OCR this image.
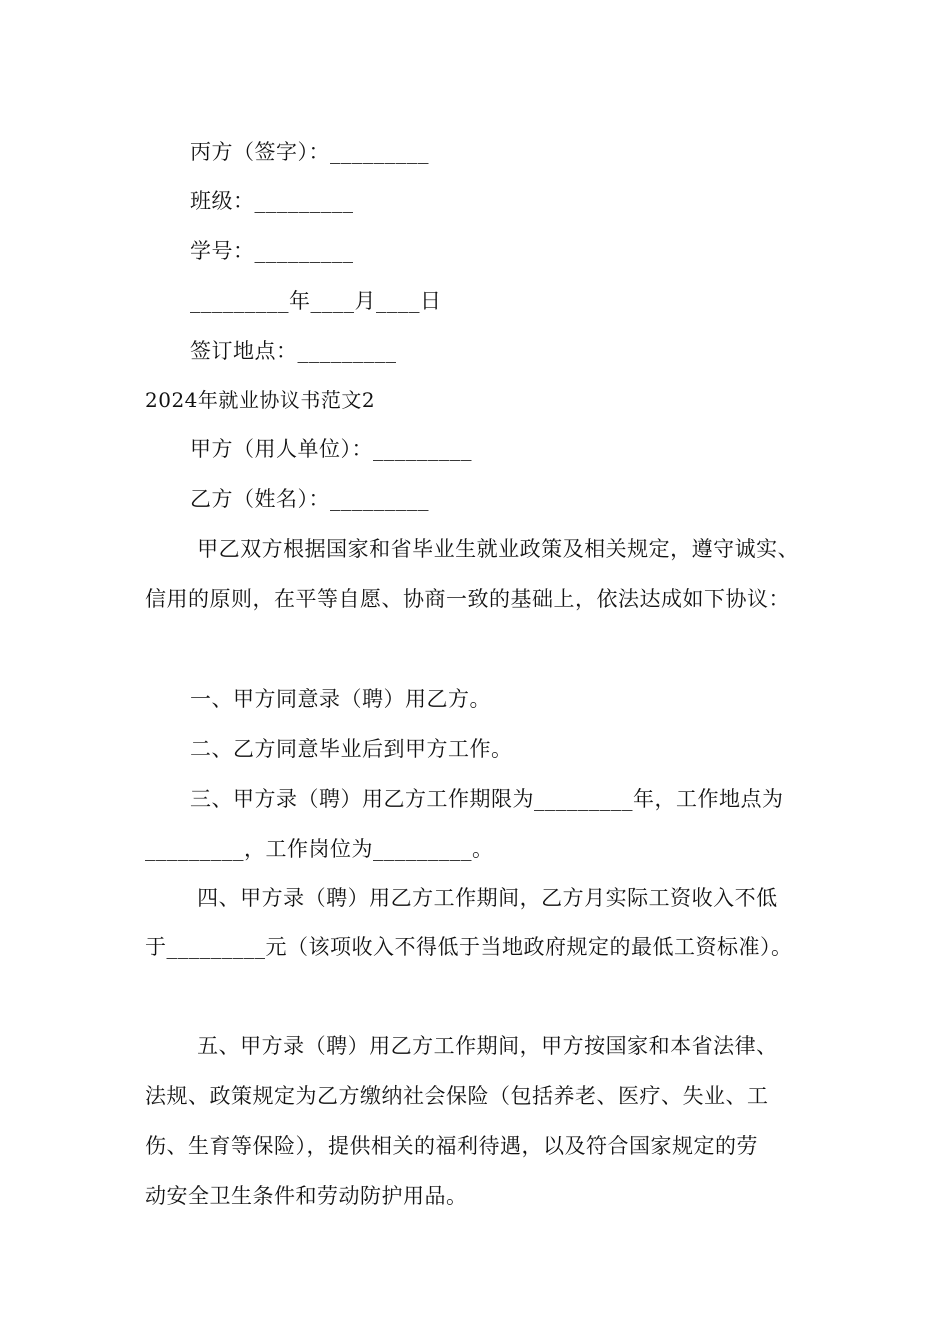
丙方（签字）：_________
班级：_________
学号：_________
_________年____月____日
签订地点：_________
2024年就业协议书范文2
甲方（用人单位）：_________
乙方（姓名）：_________
甲乙双方根据国家和省毕业生就业政策及相关规定，遵守诚实、
信用的原则，在平等自愿、协商一致的基础上，依法达成如下协议：
一、甲方同意录（聘）用乙方。
二、乙方同意毕业后到甲方工作。
三、甲方录（聘）用乙方工作期限为_________年，工作地点为
_________，工作岗位为_________。
四、甲方录（聘）用乙方工作期间，乙方月实际工资收入不低
于_________元（该项收入不得低于当地政府规定的最低工资标准）。
五、甲方录（聘）用乙方工作期间，甲方按国家和本省法律、
法规、政策规定为乙方缴纳社会保险（包括养老、医疗、失业、工
伤、生育等保险），提供相关的福利待遇，以及符合国家规定的劳
动安全卫生条件和劳动防护用品。
